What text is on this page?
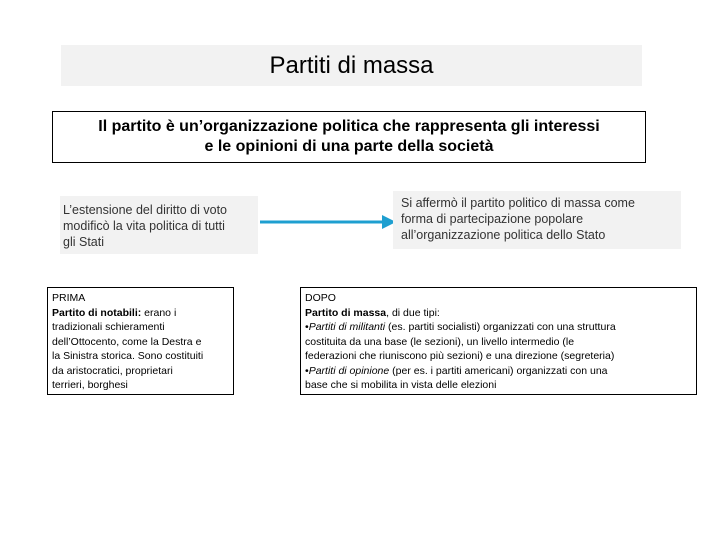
Partiti di massa
Il partito è un’organizzazione politica che rappresenta gli interessi
e le opinioni di una parte della società
L’estensione del diritto di voto
modificò la vita politica di tutti
gli Stati
Si affermò il partito politico di massa come
forma di partecipazione popolare
all’organizzazione politica dello Stato
PRIMA
Partito di notabili: erano i
tradizionali schieramenti
dell’Ottocento, come la Destra e
la Sinistra storica. Sono costituiti
da aristocratici, proprietari
terrieri, borghesi
DOPO
Partito di massa, di due tipi:
•Partiti di militanti (es. partiti socialisti) organizzati con una struttura
costituita da una base (le sezioni), un livello intermedio (le
federazioni che riuniscono più sezioni) e una direzione (segreteria)
•Partiti di opinione (per es. i partiti americani) organizzati con una
base che si mobilita in vista delle elezioni
